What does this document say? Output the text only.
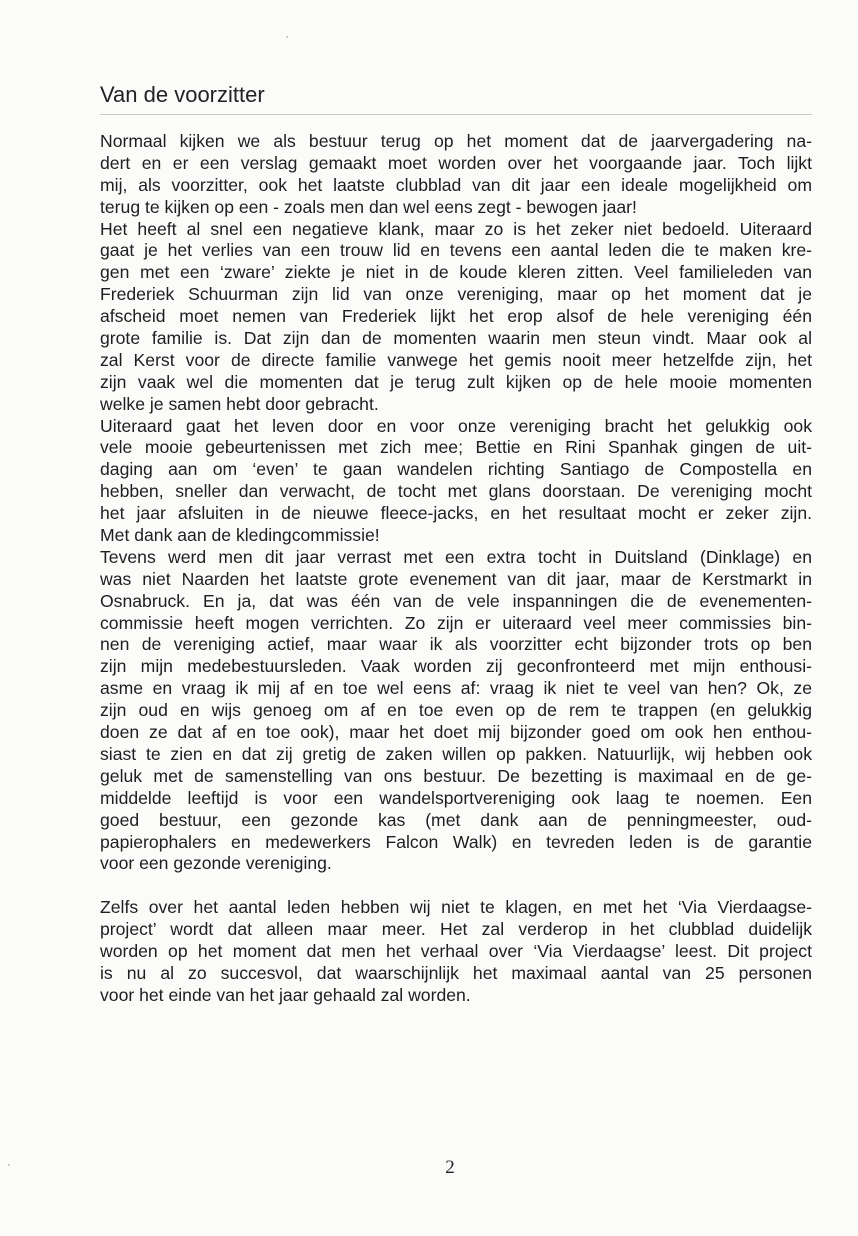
Van de voorzitter
Normaal kijken we als bestuur terug op het moment dat de jaarvergadering na-
dert en er een verslag gemaakt moet worden over het voorgaande jaar. Toch lijkt
mij, als voorzitter, ook het laatste clubblad van dit jaar een ideale mogelijkheid om
terug te kijken op een - zoals men dan wel eens zegt - bewogen jaar!
Het heeft al snel een negatieve klank, maar zo is het zeker niet bedoeld. Uiteraard
gaat je het verlies van een trouw lid en tevens een aantal leden die te maken kre-
gen met een ‘zware’ ziekte je niet in de koude kleren zitten. Veel familieleden van
Frederiek Schuurman zijn lid van onze vereniging, maar op het moment dat je
afscheid moet nemen van Frederiek lijkt het erop alsof de hele vereniging één
grote familie is. Dat zijn dan de momenten waarin men steun vindt. Maar ook al
zal Kerst voor de directe familie vanwege het gemis nooit meer hetzelfde zijn, het
zijn vaak wel die momenten dat je terug zult kijken op de hele mooie momenten
welke je samen hebt door gebracht.
Uiteraard gaat het leven door en voor onze vereniging bracht het gelukkig ook
vele mooie gebeurtenissen met zich mee; Bettie en Rini Spanhak gingen de uit-
daging aan om ‘even’ te gaan wandelen richting Santiago de Compostella en
hebben, sneller dan verwacht, de tocht met glans doorstaan. De vereniging mocht
het jaar afsluiten in de nieuwe fleece-jacks, en het resultaat mocht er zeker zijn.
Met dank aan de kledingcommissie!
Tevens werd men dit jaar verrast met een extra tocht in Duitsland (Dinklage) en
was niet Naarden het laatste grote evenement van dit jaar, maar de Kerstmarkt in
Osnabruck. En ja, dat was één van de vele inspanningen die de evenementen-
commissie heeft mogen verrichten. Zo zijn er uiteraard veel meer commissies bin-
nen de vereniging actief, maar waar ik als voorzitter echt bijzonder trots op ben
zijn mijn medebestuursleden. Vaak worden zij geconfronteerd met mijn enthousi-
asme en vraag ik mij af en toe wel eens af: vraag ik niet te veel van hen? Ok, ze
zijn oud en wijs genoeg om af en toe even op de rem te trappen (en gelukkig
doen ze dat af en toe ook), maar het doet mij bijzonder goed om ook hen enthou-
siast te zien en dat zij gretig de zaken willen op pakken. Natuurlijk, wij hebben ook
geluk met de samenstelling van ons bestuur. De bezetting is maximaal en de ge-
middelde leeftijd is voor een wandelsportvereniging ook laag te noemen. Een
goed bestuur, een gezonde kas (met dank aan de penningmeester, oud-
papierophalers en medewerkers Falcon Walk) en tevreden leden is de garantie
voor een gezonde vereniging.
Zelfs over het aantal leden hebben wij niet te klagen, en met het ‘Via Vierdaagse-
project’ wordt dat alleen maar meer. Het zal verderop in het clubblad duidelijk
worden op het moment dat men het verhaal over ‘Via Vierdaagse’ leest. Dit project
is nu al zo succesvol, dat waarschijnlijk het maximaal aantal van 25 personen
voor het einde van het jaar gehaald zal worden.
2
